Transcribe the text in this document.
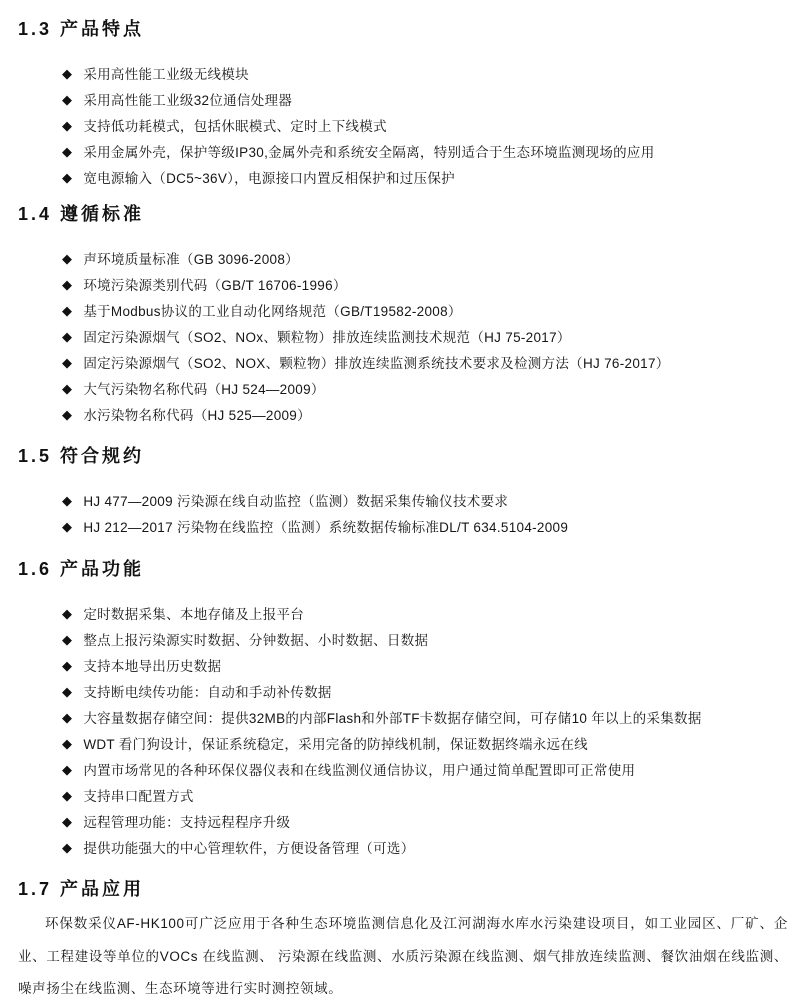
1.3 产品特点
◆ 采用高性能工业级无线模块
◆ 采用高性能工业级32位通信处理器
◆ 支持低功耗模式，包括休眠模式、定时上下线模式
◆ 采用金属外壳，保护等级IP30,金属外壳和系统安全隔离，特别适合于生态环境监测现场的应用
◆ 宽电源输入（DC5~36V），电源接口内置反相保护和过压保护
1.4 遵循标准
◆ 声环境质量标准（GB 3096-2008）
◆ 环境污染源类别代码（GB/T 16706-1996）
◆ 基于Modbus协议的工业自动化网络规范（GB/T19582-2008）
◆ 固定污染源烟气（SO2、NOx、颗粒物）排放连续监测技术规范（HJ 75-2017）
◆ 固定污染源烟气（SO2、NOX、颗粒物）排放连续监测系统技术要求及检测方法（HJ 76-2017）
◆ 大气污染物名称代码（HJ 524—2009）
◆ 水污染物名称代码（HJ 525—2009）
1.5 符合规约
◆ HJ 477—2009 污染源在线自动监控（监测）数据采集传输仪技术要求
◆ HJ 212—2017 污染物在线监控（监测）系统数据传输标准DL/T 634.5104-2009
1.6 产品功能
◆ 定时数据采集、本地存储及上报平台
◆ 整点上报污染源实时数据、分钟数据、小时数据、日数据
◆ 支持本地导出历史数据
◆ 支持断电续传功能：自动和手动补传数据
◆ 大容量数据存储空间：提供32MB的内部Flash和外部TF卡数据存储空间，可存储10 年以上的采集数据
◆ WDT 看门狗设计，保证系统稳定，采用完备的防掉线机制，保证数据终端永远在线
◆ 内置市场常见的各种环保仪器仪表和在线监测仪通信协议，用户通过简单配置即可正常使用
◆ 支持串口配置方式
◆ 远程管理功能：支持远程程序升级
◆ 提供功能强大的中心管理软件，方便设备管理（可选）
1.7 产品应用

环保数采仪AF-HK100可广泛应用于各种生态环境监测信息化及江河湖海水库水污染建设项目，如工业园区、厂矿、企业、工程建设等单位的VOCs 在线监测、 污染源在线监测、水质污染源在线监测、烟气排放连续监测、餐饮油烟在线监测、噪声扬尘在线监测、生态环境等进行实时测控领域。
